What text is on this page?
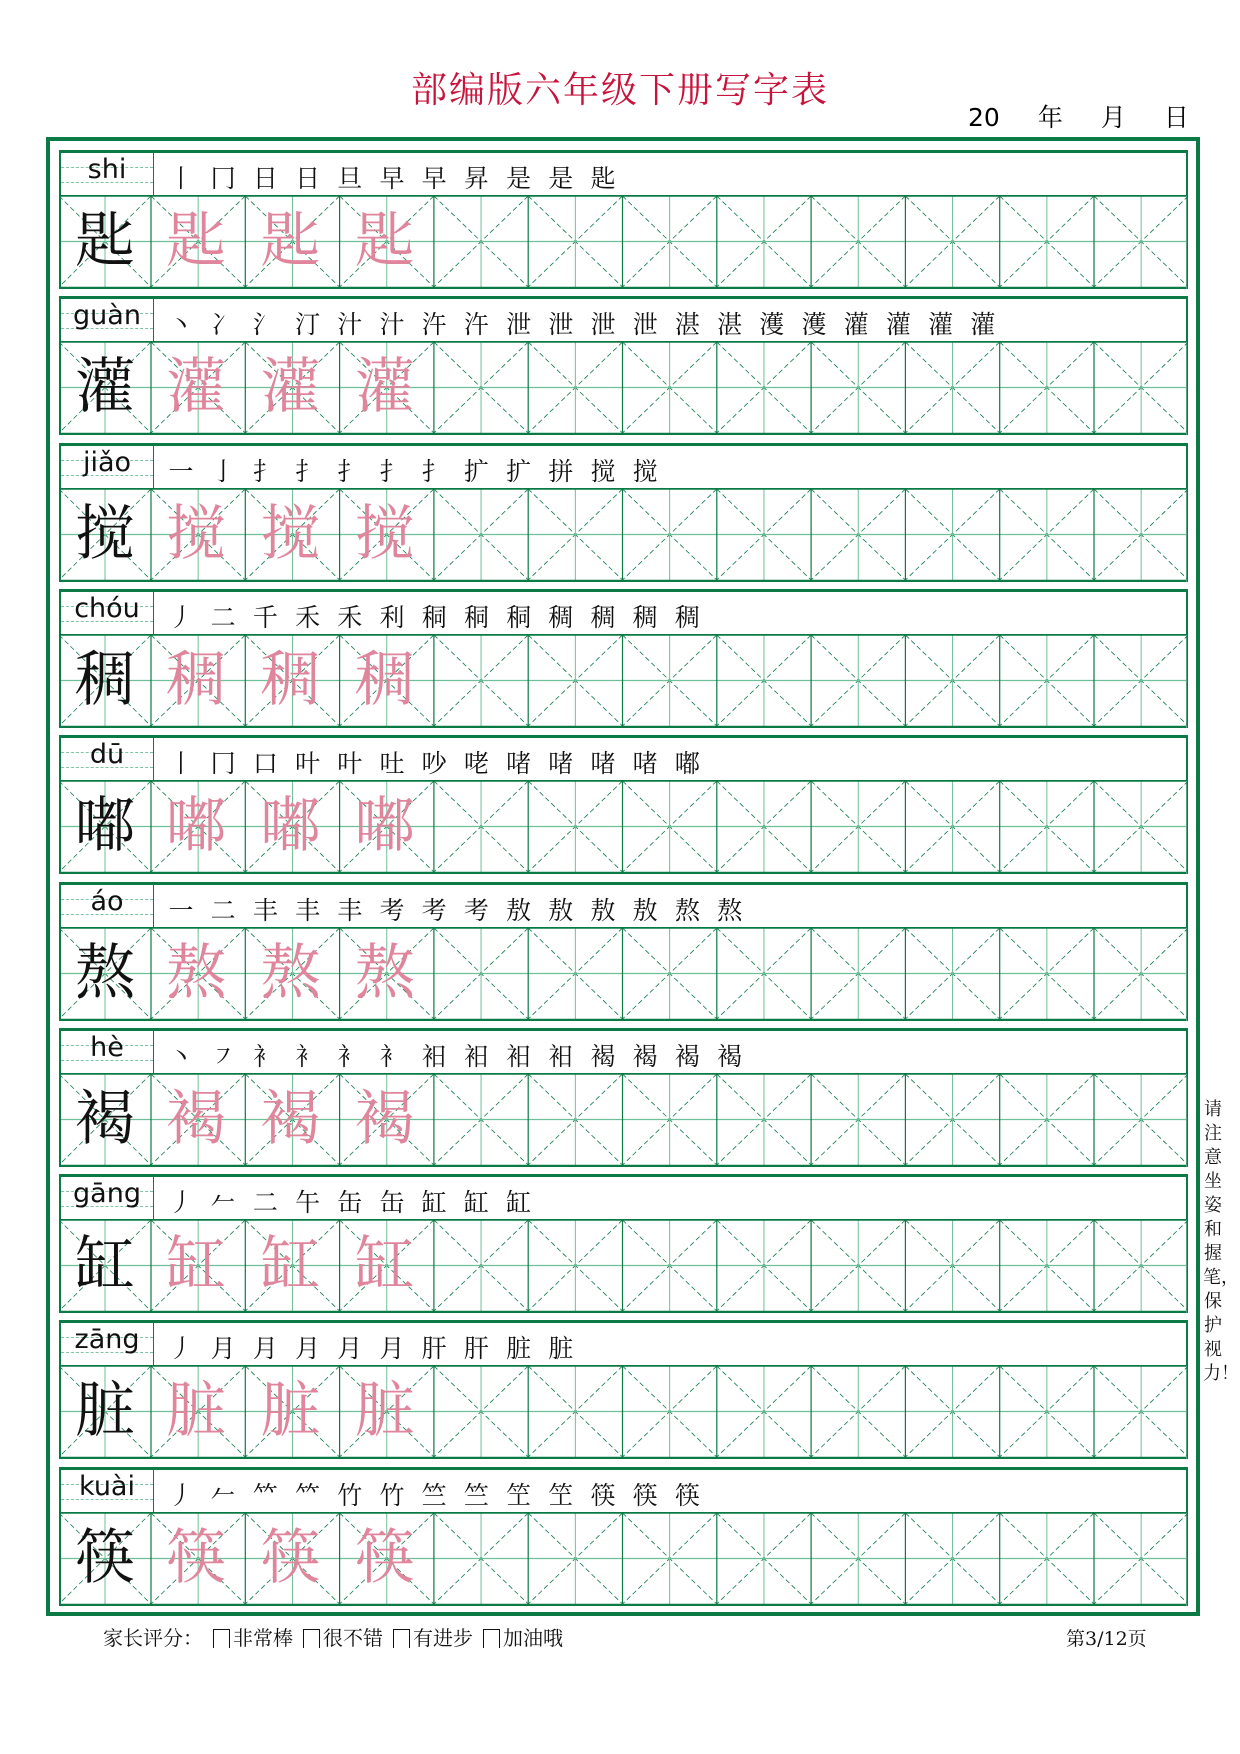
部编版六年级下册写字表
20 年 月 日
shi	丨 冂 日 日 旦 早 早 昇 是 是 匙
匙 匙 匙 匙
guàn	丶 冫 氵 汀 汁 汁 汻 汻 泄 泄 泄 泄 湛 湛 濩 濩 灌 灌 灌 灌
灌 灌 灌 灌
jiǎo	一 亅 扌 扌 扌 扌 扌 扩 扩 拼 搅 搅
搅 搅 搅 搅
chóu	丿 二 千 禾 禾 利 秱 秱 秱 稠 稠 稠 稠
稠 稠 稠 稠
dū	丨 冂 口 叶 叶 吐 吵 咾 啫 啫 啫 啫 嘟
嘟 嘟 嘟 嘟
áo	一 二 丰 丰 丰 考 考 考 敖 敖 敖 敖 熬 熬
熬 熬 熬 熬
hè	丶 ㇇ 衤 衤 衤 衤 衵 衵 衵 衵 褐 褐 褐 褐
褐 褐 褐 褐
gāng	丿 𠂉 二 午 缶 缶 缸 缸 缸
缸 缸 缸 缸
zāng	丿 月 月 月 月 月 肝 肝 脏 脏
脏 脏 脏 脏
kuài	丿 𠂉 𥫗 𥫗 竹 竹 竺 竺 笁 笁 筷 筷 筷
筷 筷 筷 筷
请注意坐姿和握笔，保护视力！
家长评分： 非常棒 很不错 有进步 加油哦	第3/12页
